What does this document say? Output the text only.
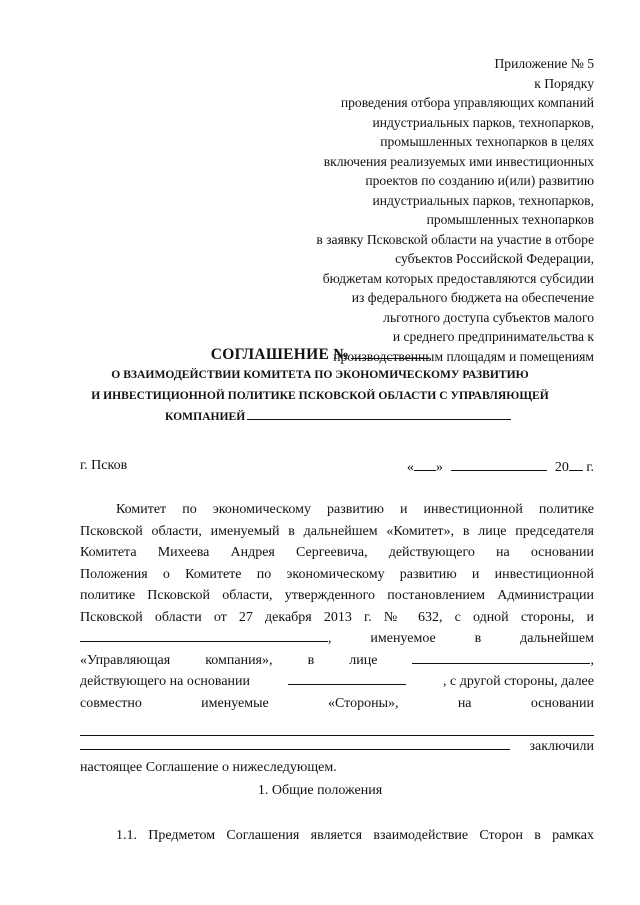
Приложение № 5
к Порядку
проведения отбора управляющих компаний
индустриальных парков, технопарков,
промышленных технопарков в целях
включения реализуемых ими инвестиционных
проектов по созданию и(или) развитию
индустриальных парков, технопарков,
промышленных технопарков
в заявку Псковской области на участие в отборе
субъектов Российской Федерации,
бюджетам которых предоставляются субсидии
из федерального бюджета на обеспечение
льготного доступа субъектов малого
и среднего предпринимательства к
производственным площадям и помещениям
СОГЛАШЕНИЕ №
О ВЗАИМОДЕЙСТВИИ КОМИТЕТА ПО ЭКОНОМИЧЕСКОМУ РАЗВИТИЮ
И ИНВЕСТИЦИОННОЙ ПОЛИТИКЕ ПСКОВСКОЙ ОБЛАСТИ С УПРАВЛЯЮЩЕЙ
КОМПАНИЕЙ
г. Псков	« »	20 г.
Комитет по экономическому развитию и инвестиционной политике
Псковской области, именуемый в дальнейшем «Комитет», в лице председателя
Комитета Михеева Андрея Сергеевича, действующего на основании
Положения о Комитете по экономическому развитию и инвестиционной
политике Псковской области, утвержденного постановлением Администрации
Псковской области от 27 декабря 2013 г. № 632, с одной стороны, и
,	именуемое	в	дальнейшем
«Управляющая	компания»,	в	лице	,
действующего на основании	, с другой стороны, далее
совместно	именуемые	«Стороны»,	на	основании
заключили
настоящее Соглашение о нижеследующем.
1. Общие положения
1.1. Предметом Соглашения является взаимодействие Сторон в рамках
